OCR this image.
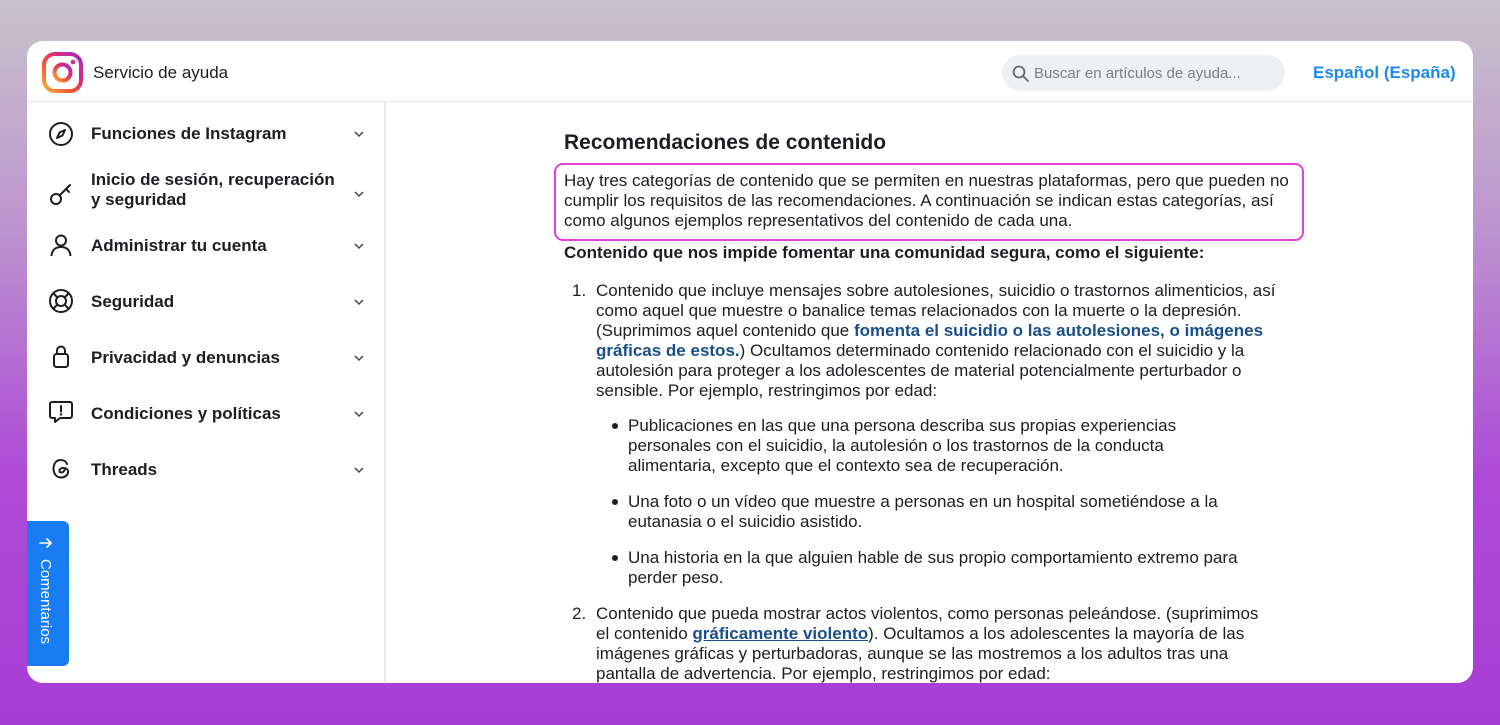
Servicio de ayuda
Buscar en artículos de ayuda...	Español (España)
Funciones de Instagram
Inicio de sesión, recuperación y seguridad
Administrar tu cuenta
Seguridad
Privacidad y denuncias
Condiciones y políticas
Threads
Comentarios
Recomendaciones de contenido

Hay tres categorías de contenido que se permiten en nuestras plataformas, pero que pueden no cumplir los requisitos de las recomendaciones. A continuación se indican estas categorías, así como algunos ejemplos representativos del contenido de cada una.

Contenido que nos impide fomentar una comunidad segura, como el siguiente:
1. Contenido que incluye mensajes sobre autolesiones, suicidio o trastornos alimenticios, así como aquel que muestre o banalice temas relacionados con la muerte o la depresión. (Suprimimos aquel contenido que fomenta el suicidio o las autolesiones, o imágenes gráficas de estos.) Ocultamos determinado contenido relacionado con el suicidio y la autolesión para proteger a los adolescentes de material potencialmente perturbador o sensible. Por ejemplo, restringimos por edad:

Publicaciones en las que una persona describa sus propias experiencias personales con el suicidio, la autolesión o los trastornos de la conducta alimentaria, excepto que el contexto sea de recuperación.

Una foto o un vídeo que muestre a personas en un hospital sometiéndose a la eutanasia o el suicidio asistido.

Una historia en la que alguien hable de sus propio comportamiento extremo para perder peso.

2. Contenido que pueda mostrar actos violentos, como personas peleándose. (suprimimos el contenido gráficamente violento). Ocultamos a los adolescentes la mayoría de las imágenes gráficas y perturbadoras, aunque se las mostremos a los adultos tras una pantalla de advertencia. Por ejemplo, restringimos por edad:
